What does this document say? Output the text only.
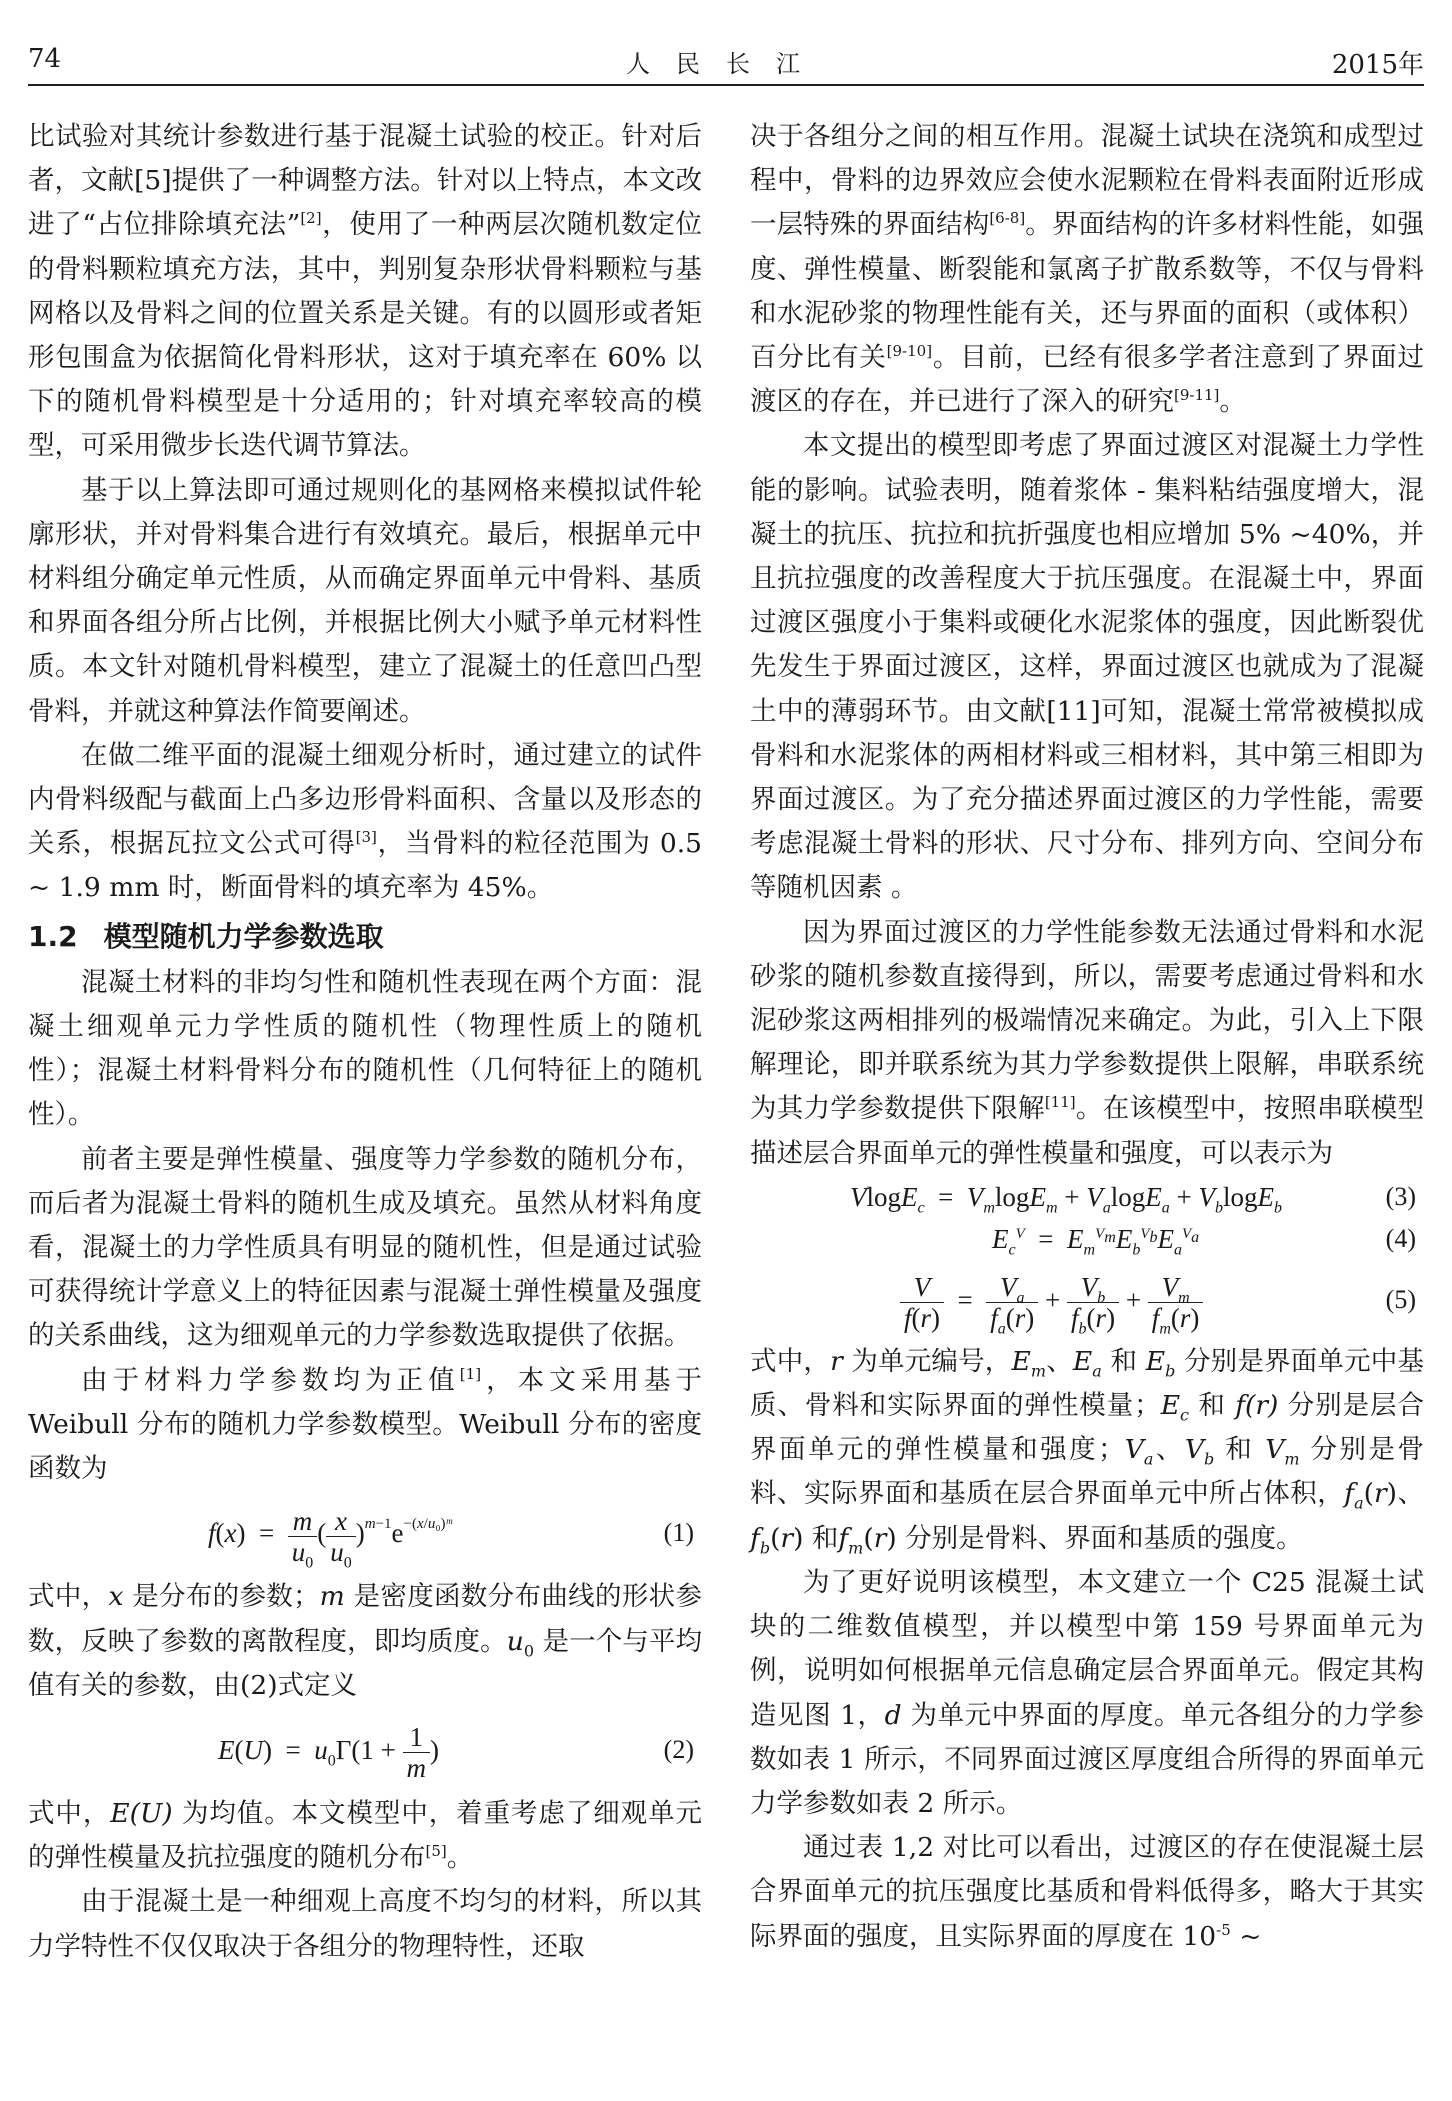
74	人民长江	2015年

比试验对其统计参数进行基于混凝土试验的校正。针对后者，文献[5]提供了一种调整方法。针对以上特点，本文改进了“占位排除填充法”[2]，使用了一种两层次随机数定位的骨料颗粒填充方法，其中，判别复杂形状骨料颗粒与基网格以及骨料之间的位置关系是关键。有的以圆形或者矩形包围盒为依据简化骨料形状，这对于填充率在 60% 以下的随机骨料模型是十分适用的；针对填充率较高的模型，可采用微步长迭代调节算法。

基于以上算法即可通过规则化的基网格来模拟试件轮廓形状，并对骨料集合进行有效填充。最后，根据单元中材料组分确定单元性质，从而确定界面单元中骨料、基质和界面各组分所占比例，并根据比例大小赋予单元材料性质。本文针对随机骨料模型，建立了混凝土的任意凹凸型骨料，并就这种算法作简要阐述。

在做二维平面的混凝土细观分析时，通过建立的试件内骨料级配与截面上凸多边形骨料面积、含量以及形态的关系，根据瓦拉文公式可得[3]，当骨料的粒径范围为 0.5 ~ 1.9 mm 时，断面骨料的填充率为 45%。

1.2 模型随机力学参数选取

混凝土材料的非均匀性和随机性表现在两个方面：混凝土细观单元力学性质的随机性（物理性质上的随机性）；混凝土材料骨料分布的随机性（几何特征上的随机性）。

前者主要是弹性模量、强度等力学参数的随机分布，而后者为混凝土骨料的随机生成及填充。虽然从材料角度看，混凝土的力学性质具有明显的随机性，但是通过试验可获得统计学意义上的特征因素与混凝土弹性模量及强度的关系曲线，这为细观单元的力学参数选取提供了依据。

由于材料力学参数均为正值[1]，本文采用基于 Weibull 分布的随机力学参数模型。Weibull 分布的密度函数为

$f(x) = \frac{m}{u_0}$ ( $\frac{x}{u_0} )^{m-1}e^{-(x/u_0)ᵐ}$	(1)

式中，x 是分布的参数；m 是密度函数分布曲线的形状参数，反映了参数的离散程度，即均质度。$u_0$ 是一个与平均值有关的参数，由(2)式定义

$E(U) = u_0\Gamma(1 + \frac{1}{m}$ )	(2)

式中，E(U) 为均值。本文模型中，着重考虑了细观单元的弹性模量及抗拉强度的随机分布[5]。

由于混凝土是一种细观上高度不均匀的材料，所以其力学特性不仅仅取决于各组分的物理特性，还取

决于各组分之间的相互作用。混凝土试块在浇筑和成型过程中，骨料的边界效应会使水泥颗粒在骨料表面附近形成一层特殊的界面结构[6-8]。界面结构的许多材料性能，如强度、弹性模量、断裂能和氯离子扩散系数等，不仅与骨料和水泥砂浆的物理性能有关，还与界面的面积（或体积）百分比有关[9-10]。目前，已经有很多学者注意到了界面过渡区的存在，并已进行了深入的研究[9-11]。

本文提出的模型即考虑了界面过渡区对混凝土力学性能的影响。试验表明，随着浆体 - 集料粘结强度增大，混凝土的抗压、抗拉和抗折强度也相应增加 5% ~40%，并且抗拉强度的改善程度大于抗压强度。在混凝土中，界面过渡区强度小于集料或硬化水泥浆体的强度，因此断裂优先发生于界面过渡区，这样，界面过渡区也就成为了混凝土中的薄弱环节。由文献[11]可知，混凝土常常被模拟成骨料和水泥浆体的两相材料或三相材料，其中第三相即为界面过渡区。为了充分描述界面过渡区的力学性能，需要考虑混凝土骨料的形状、尺寸分布、排列方向、空间分布等随机因素 。

因为界面过渡区的力学性能参数无法通过骨料和水泥砂浆的随机参数直接得到，所以，需要考虑通过骨料和水泥砂浆这两相排列的极端情况来确定。为此，引入上下限解理论，即并联系统为其力学参数提供上限解，串联系统为其力学参数提供下限解[11]。在该模型中，按照串联模型描述层合界面单元的弹性模量和强度，可以表示为

$VlogE_c = V_m\log E_m + V_a\log E_a + V_b\log E_b$	(3)
$E_c^V = E_m^{V_m}E_b^{V_b}E_a^{V_a}$	(4)
$\frac{V}{f(r)} = \frac{V_a}{f_a(r)} + \frac{V_b}{f_b(r)} + \frac{V_m}{f_m(r)}$	(5)

式中，r 为单元编号，$E_m$、$E_a$ 和 $E_b$ 分别是界面单元中基质、骨料和实际界面的弹性模量；$E_c$ 和 f(r) 分别是层合界面单元的弹性模量和强度；$V_a$、$V_b$ 和 $V_m$ 分别是骨料、实际界面和基质在层合界面单元中所占体积，$f_a(r)$、$f_b(r)$ 和$f_m(r)$ 分别是骨料、界面和基质的强度。

为了更好说明该模型，本文建立一个 C25 混凝土试块的二维数值模型，并以模型中第 159 号界面单元为例，说明如何根据单元信息确定层合界面单元。假定其构造见图 1，d 为单元中界面的厚度。单元各组分的力学参数如表 1 所示，不同界面过渡区厚度组合所得的界面单元力学参数如表 2 所示。

通过表 1,2 对比可以看出，过渡区的存在使混凝土层合界面单元的抗压强度比基质和骨料低得多，略大于其实际界面的强度，且实际界面的厚度在 $10^{-5}$ ~
